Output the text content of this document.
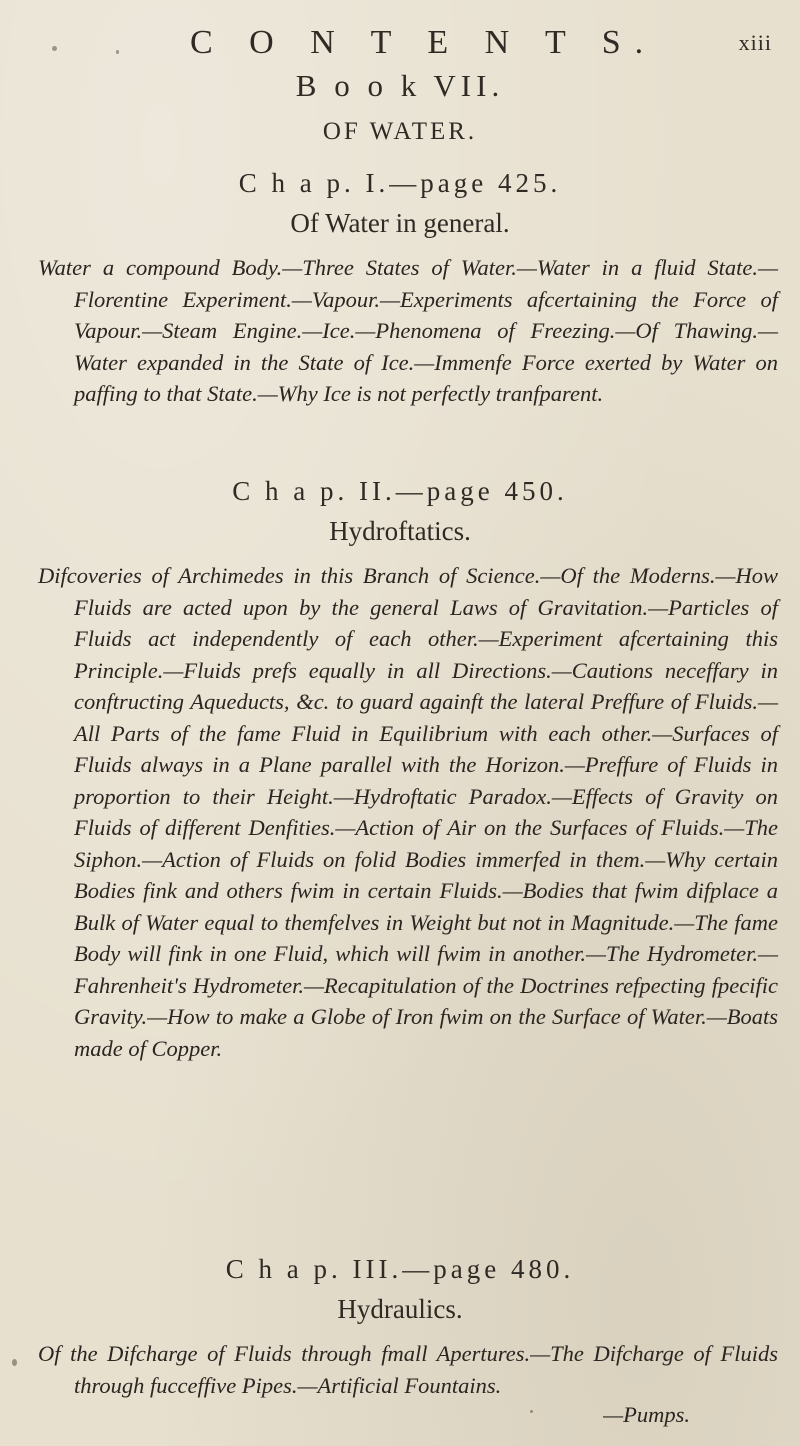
C O N T E N T S.	xiii
B o o k VII.
OF WATER.
C h a p. I.—page 425.
Of Water in general.

Water a compound Body.—Three States of Water.—Water in a fluid State.—Florentine Experiment.—Vapour.—Experiments afcertaining the Force of Vapour.—Steam Engine.—Ice.—Phenomena of Freezing.—Of Thawing.—Water expanded in the State of Ice.—Immenfe Force exerted by Water on paffing to that State.—Why Ice is not perfectly tranfparent.

C h a p. II.—page 450.
Hydroftatics.

Difcoveries of Archimedes in this Branch of Science.—Of the Moderns.—How Fluids are acted upon by the general Laws of Gravitation.—Particles of Fluids act independently of each other.—Experiment afcertaining this Principle.—Fluids prefs equally in all Directions.—Cautions neceffary in conftructing Aqueducts, &c. to guard againft the lateral Preffure of Fluids.—All Parts of the fame Fluid in Equilibrium with each other.—Surfaces of Fluids always in a Plane parallel with the Horizon.—Preffure of Fluids in proportion to their Height.—Hydroftatic Paradox.—Effects of Gravity on Fluids of different Denfities.—Action of Air on the Surfaces of Fluids.—The Siphon.—Action of Fluids on folid Bodies immerfed in them.—Why certain Bodies fink and others fwim in certain Fluids.—Bodies that fwim difplace a Bulk of Water equal to themfelves in Weight but not in Magnitude.—The fame Body will fink in one Fluid, which will fwim in another.—The Hydrometer.—Fahrenheit's Hydrometer.—Recapitulation of the Doctrines refpecting fpecific Gravity.—How to make a Globe of Iron fwim on the Surface of Water.—Boats made of Copper.

C h a p. III.—page 480.
Hydraulics.

Of the Difcharge of Fluids through fmall Apertures.—The Difcharge of Fluids through fucceffive Pipes.—Artificial Fountains.

—Pumps.
